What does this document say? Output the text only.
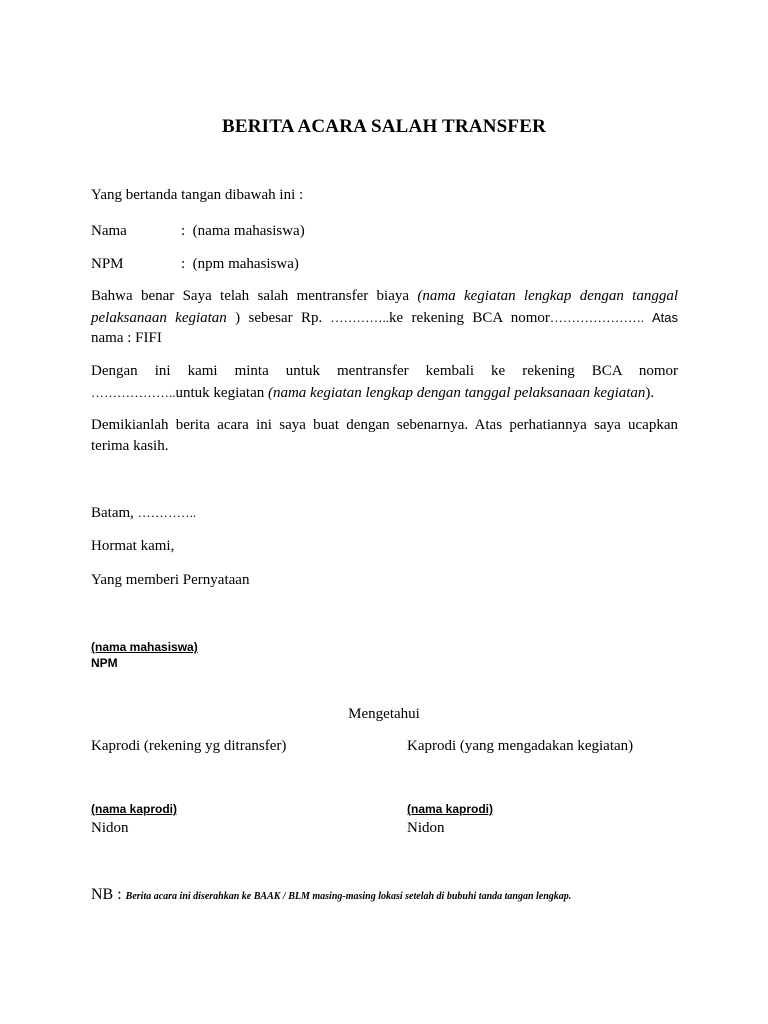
BERITA ACARA SALAH TRANSFER
Yang bertanda tangan dibawah ini :
Nama	: (nama mahasiswa)
NPM	: (npm mahasiswa)
Bahwa benar Saya telah salah mentransfer biaya (nama kegiatan lengkap dengan tanggal pelaksanaan kegiatan ) sebesar Rp. …………..ke rekening BCA nomor…………………. Atas
nama : FIFI
Dengan ini kami minta untuk mentransfer kembali ke rekening BCA nomor
………………..untuk kegiatan (nama kegiatan lengkap dengan tanggal pelaksanaan kegiatan).
Demikianlah berita acara ini saya buat dengan sebenarnya. Atas perhatiannya saya ucapkan terima kasih.
Batam, …………..
Hormat kami,
Yang memberi Pernyataan
(nama mahasiswa)
NPM
Mengetahui
Kaprodi (rekening yg ditransfer)	Kaprodi (yang mengadakan kegiatan)
(nama kaprodi)	(nama kaprodi)
Nidon	Nidon
NB : Berita acara ini diserahkan ke BAAK / BLM masing-masing lokasi setelah di bubuhi tanda tangan lengkap.
